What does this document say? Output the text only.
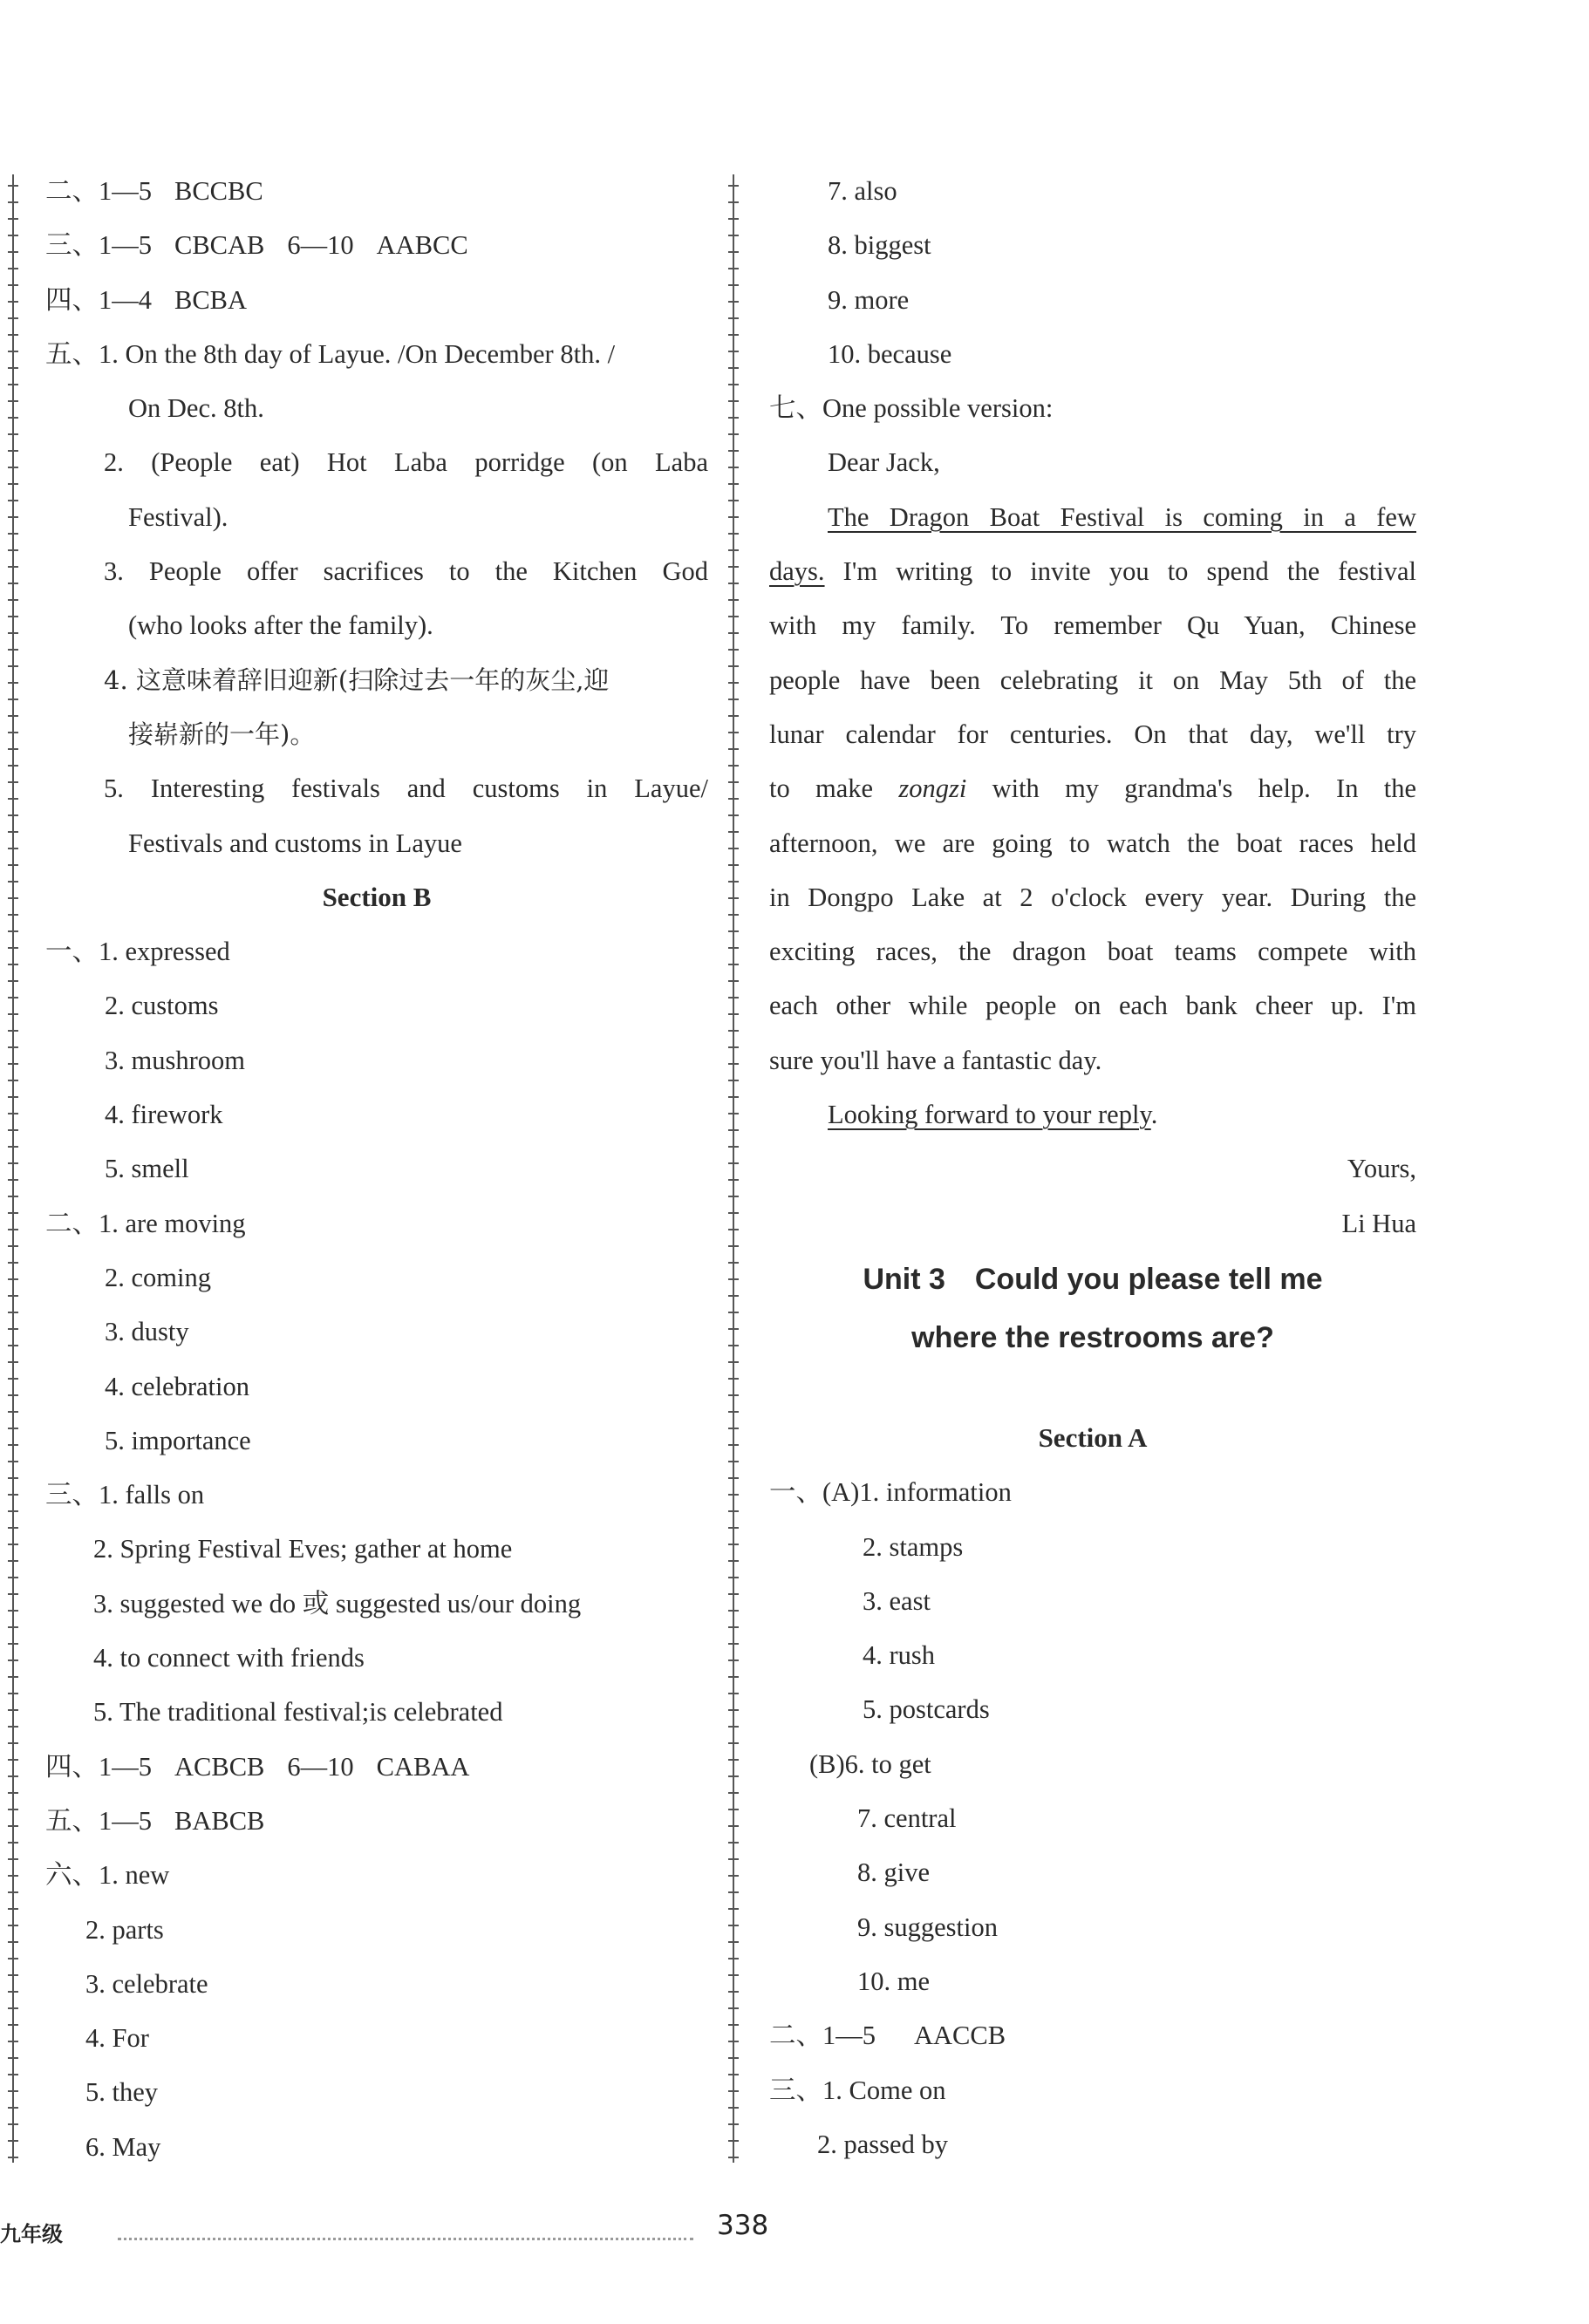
二、1—5 BCCBC
三、1—5 CBCAB 6—10 AABCC
四、1—4 BCBA
五、1. On the 8th day of Layue. /On December 8th. /
On Dec. 8th.
2. (People eat) Hot Laba porridge (on Laba
Festival).
3. People offer sacrifices to the Kitchen God
(who looks after the family).
4. 这意味着辞旧迎新(扫除过去一年的灰尘,迎
接崭新的一年)。
5. Interesting festivals and customs in Layue/
Festivals and customs in Layue
Section B
一、1. expressed
2. customs
3. mushroom
4. firework
5. smell
二、1. are moving
2. coming
3. dusty
4. celebration
5. importance
三、1. falls on
2. Spring Festival Eves; gather at home
3. suggested we do 或 suggested us/our doing
4. to connect with friends
5. The traditional festival;is celebrated
四、1—5 ACBCB 6—10 CABAA
五、1—5 BABCB
六、1. new
2. parts
3. celebrate
4. For
5. they
6. May
7. also
8. biggest
9. more
10. because
七、One possible version:
Dear Jack,
The Dragon Boat Festival is coming in a few
days. I'm writing to invite you to spend the festival
with my family. To remember Qu Yuan, Chinese
people have been celebrating it on May 5th of the
lunar calendar for centuries. On that day, we'll try
to make zongzi with my grandma's help. In the
afternoon, we are going to watch the boat races held
in Dongpo Lake at 2 o'clock every year. During the
exciting races, the dragon boat teams compete with
each other while people on each bank cheer up. I'm
sure you'll have a fantastic day.
Looking forward to your reply.
Yours,
Li Hua
Unit 3　Could you please tell me
where the restrooms are?
Section A
一、(A)1. information
2. stamps
3. east
4. rush
5. postcards
(B)6. to get
7. central
8. give
9. suggestion
10. me
二、1—5 AACCB
三、1. Come on
2. passed by
九年级	338
